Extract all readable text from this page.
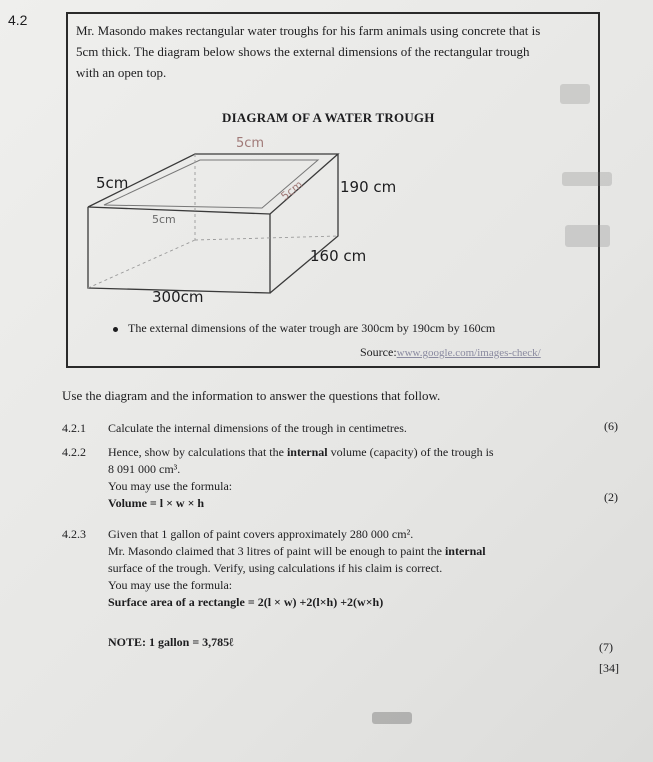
4.2
Mr. Masondo makes rectangular water troughs for his farm animals using concrete that is
5cm thick. The diagram below shows the external dimensions of the rectangular trough
with an open top.
DIAGRAM OF A WATER TROUGH
5cm
5cm
5cm
5cm 190 cm
160 cm
300cm
The external dimensions of the water trough are 300cm by 190cm by 160cm
Source:www.google.com/images-check/
Use the diagram and the information to answer the questions that follow.
4.2.1 Calculate the internal dimensions of the trough in centimetres.	(6)
4.2.2 Hence, show by calculations that the internal volume (capacity) of the trough is
8 091 000 cm³.
You may use the formula:
Volume = l × w × h	(2)
4.2.3 Given that 1 gallon of paint covers approximately 280 000 cm².
Mr. Masondo claimed that 3 litres of paint will be enough to paint the internal
surface of the trough. Verify, using calculations if his claim is correct.
You may use the formula:
Surface area of a rectangle = 2(l × w) +2(l×h) +2(w×h)
NOTE: 1 gallon = 3,785ℓ	(7)
[34]
